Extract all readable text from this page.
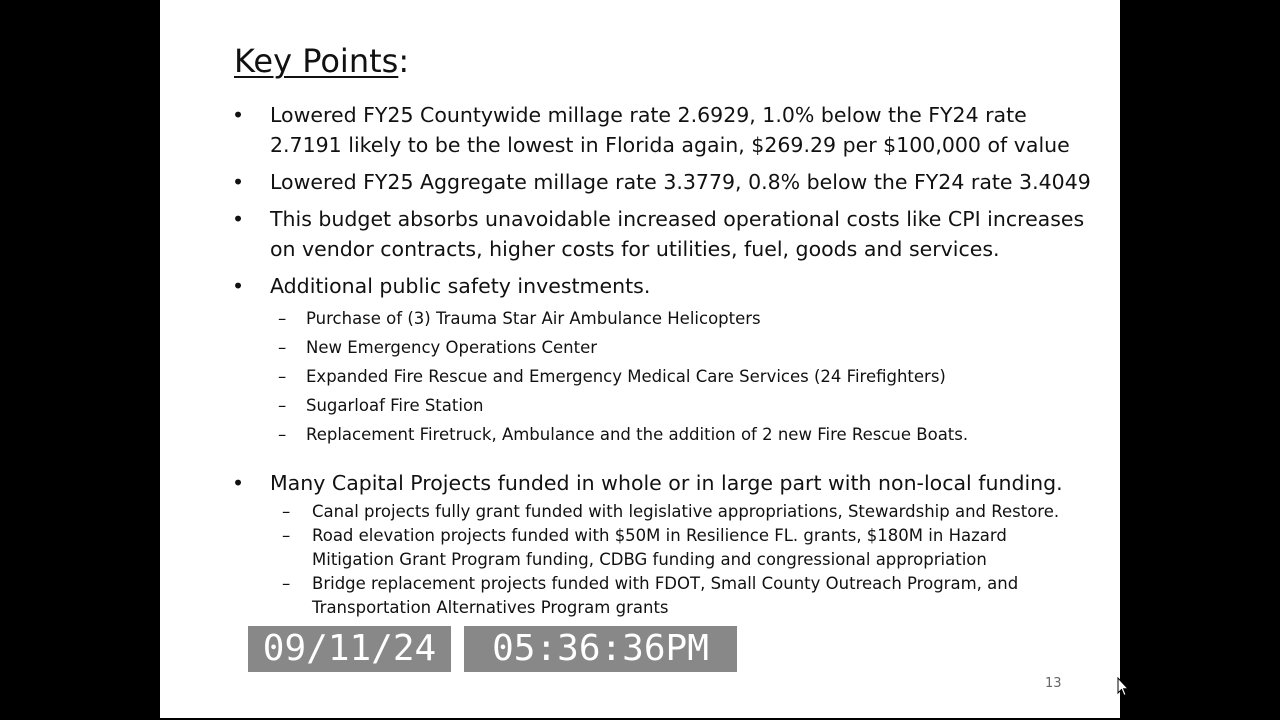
Key Points:
• Lowered FY25 Countywide millage rate 2.6929, 1.0% below the FY24 rate 2.7191 likely to be the lowest in Florida again, $269.29 per $100,000 of value
• Lowered FY25 Aggregate millage rate 3.3779, 0.8% below the FY24 rate 3.4049
• This budget absorbs unavoidable increased operational costs like CPI increases on vendor contracts, higher costs for utilities, fuel, goods and services.
• Additional public safety investments.
– Purchase of (3) Trauma Star Air Ambulance Helicopters
– New Emergency Operations Center
– Expanded Fire Rescue and Emergency Medical Care Services (24 Firefighters)
– Sugarloaf Fire Station
– Replacement Firetruck, Ambulance and the addition of 2 new Fire Rescue Boats.
• Many Capital Projects funded in whole or in large part with non-local funding.
– Canal projects fully grant funded with legislative appropriations, Stewardship and Restore.
– Road elevation projects funded with $50M in Resilience FL. grants, $180M in Hazard Mitigation Grant Program funding, CDBG funding and congressional appropriation
– Bridge replacement projects funded with FDOT, Small County Outreach Program, and Transportation Alternatives Program grants
13
09/11/24	05:36:36PM
